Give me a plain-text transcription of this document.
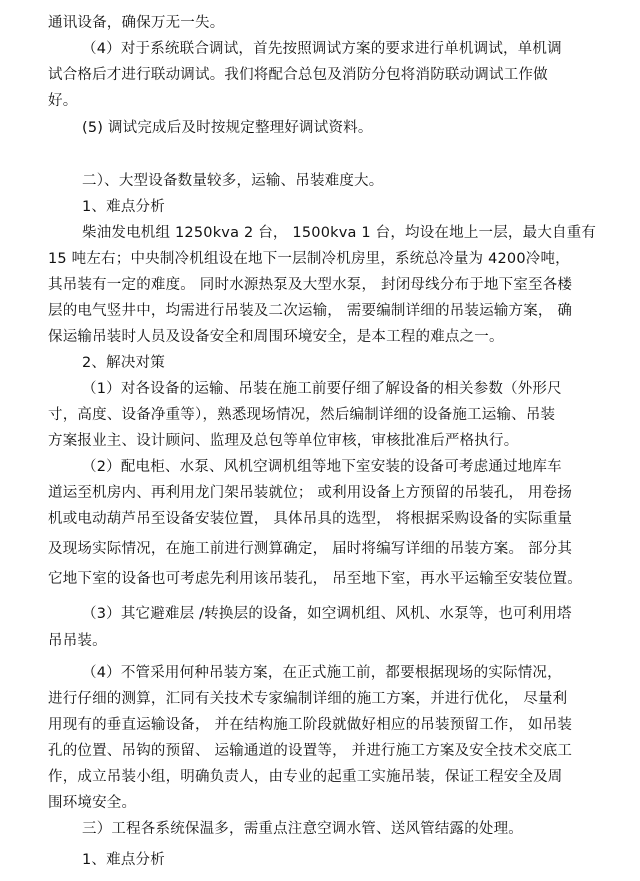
通讯设备，确保万无一失。
（4）对于系统联合调试，首先按照调试方案的要求进行单机调试，单机调
试合格后才进行联动调试。我们将配合总包及消防分包将消防联动调试工作做
好。
(5) 调试完成后及时按规定整理好调试资料。
二）、大型设备数量较多，运输、吊装难度大。
1、难点分析
柴油发电机组 1250kva 2 台， 1500kva 1 台，均设在地上一层，最大自重有
15 吨左右；中央制冷机组设在地下一层制冷机房里，系统总冷量为 4200冷吨，
其吊装有一定的难度。 同时水源热泵及大型水泵， 封闭母线分布于地下室至各楼
层的电气竖井中，均需进行吊装及二次运输， 需要编制详细的吊装运输方案， 确
保运输吊装时人员及设备安全和周围环境安全，是本工程的难点之一。
2、解决对策
（1）对各设备的运输、吊装在施工前要仔细了解设备的相关参数（外形尺
寸，高度、设备净重等），熟悉现场情况，然后编制详细的设备施工运输、吊装
方案报业主、设计顾问、监理及总包等单位审核，审核批准后严格执行。
（2）配电柜、水泵、风机空调机组等地下室安装的设备可考虑通过地库车
道运至机房内、再利用龙门架吊装就位； 或利用设备上方预留的吊装孔， 用卷扬
机或电动葫芦吊至设备安装位置， 具体吊具的选型， 将根据采购设备的实际重量
及现场实际情况，在施工前进行测算确定， 届时将编写详细的吊装方案。 部分其
它地下室的设备也可考虑先利用该吊装孔， 吊至地下室，再水平运输至安装位置。
（3）其它避难层 /转换层的设备，如空调机组、风机、水泵等，也可利用塔
吊吊装。
（4）不管采用何种吊装方案，在正式施工前，都要根据现场的实际情况，
进行仔细的测算，汇同有关技术专家编制详细的施工方案，并进行优化， 尽量利
用现有的垂直运输设备， 并在结构施工阶段就做好相应的吊装预留工作， 如吊装
孔的位置、吊钩的预留、 运输通道的设置等， 并进行施工方案及安全技术交底工
作，成立吊装小组，明确负责人，由专业的起重工实施吊装，保证工程安全及周
围环境安全。
三）工程各系统保温多，需重点注意空调水管、送风管结露的处理。
1、难点分析
